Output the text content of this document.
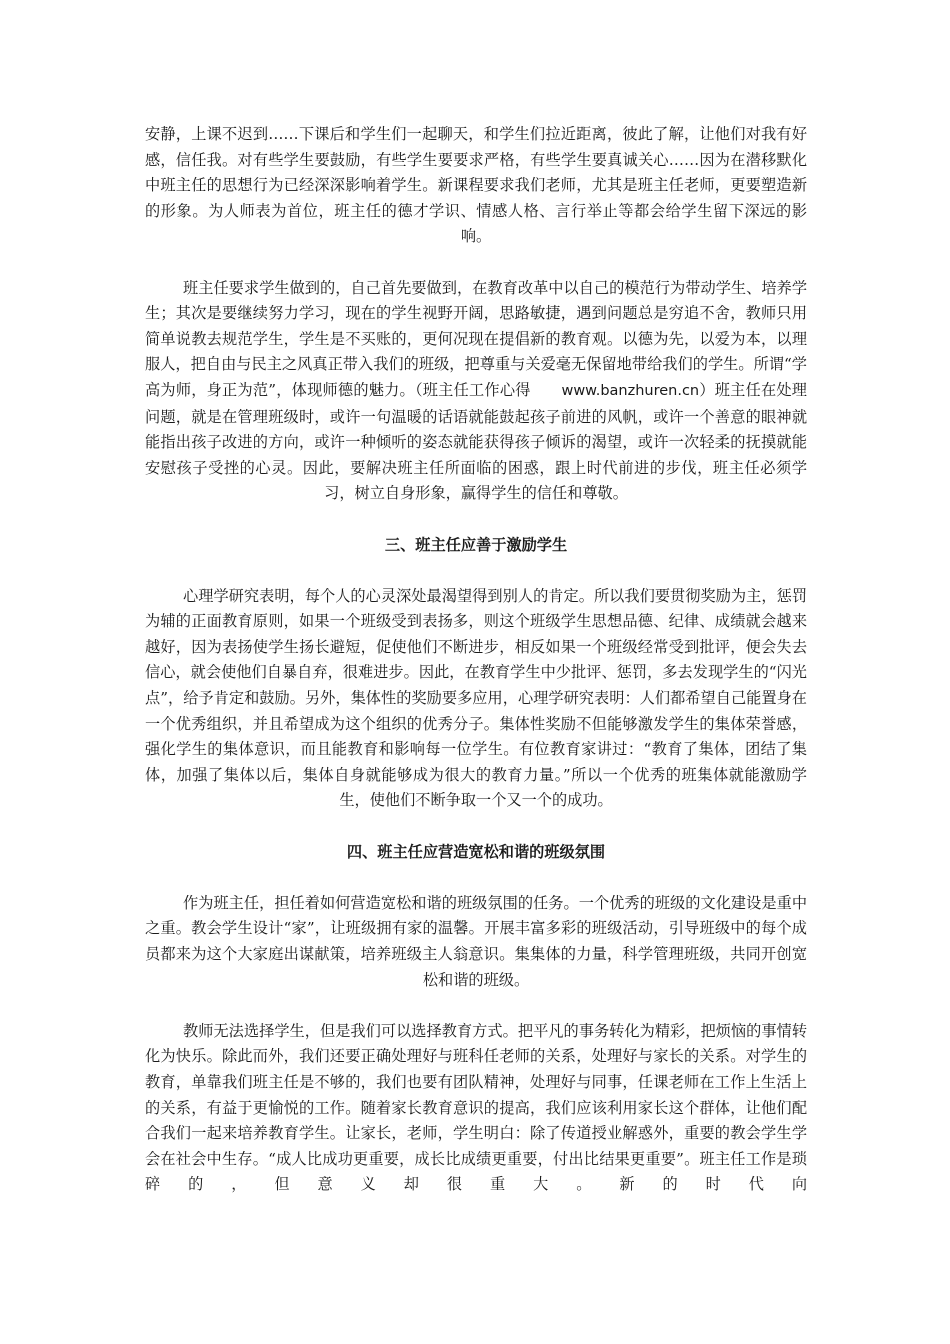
安静，上课不迟到……下课后和学生们一起聊天，和学生们拉近距离，彼此了解，让他们对我有好感，信任我。对有些学生要鼓励，有些学生要要求严格，有些学生要真诚关心……因为在潜移默化中班主任的思想行为已经深深影响着学生。新课程要求我们老师，尤其是班主任老师，更要塑造新的形象。为人师表为首位，班主任的德才学识、情感人格、言行举止等都会给学生留下深远的影响。

班主任要求学生做到的，自己首先要做到，在教育改革中以自己的模范行为带动学生、培养学生；其次是要继续努力学习，现在的学生视野开阔，思路敏捷，遇到问题总是穷追不舍，教师只用简单说教去规范学生，学生是不买账的，更何况现在提倡新的教育观。以德为先，以爱为本，以理服人，把自由与民主之风真正带入我们的班级，把尊重与关爱毫无保留地带给我们的学生。所谓“学高为师，身正为范”，体现师德的魅力。（班主任工作心得　　www.banzhuren.cn）班主任在处理问题，就是在管理班级时，或许一句温暖的话语就能鼓起孩子前进的风帆，或许一个善意的眼神就能指出孩子改进的方向，或许一种倾听的姿态就能获得孩子倾诉的渴望，或许一次轻柔的抚摸就能安慰孩子受挫的心灵。因此，要解决班主任所面临的困惑，跟上时代前进的步伐，班主任必须学习，树立自身形象，赢得学生的信任和尊敬。

三、班主任应善于激励学生

心理学研究表明，每个人的心灵深处最渴望得到别人的肯定。所以我们要贯彻奖励为主，惩罚为辅的正面教育原则，如果一个班级受到表扬多，则这个班级学生思想品德、纪律、成绩就会越来越好，因为表扬使学生扬长避短，促使他们不断进步，相反如果一个班级经常受到批评，便会失去信心，就会使他们自暴自弃，很难进步。因此，在教育学生中少批评、惩罚，多去发现学生的“闪光点”，给予肯定和鼓励。另外，集体性的奖励要多应用，心理学研究表明：人们都希望自己能置身在一个优秀组织，并且希望成为这个组织的优秀分子。集体性奖励不但能够激发学生的集体荣誉感，强化学生的集体意识，而且能教育和影响每一位学生。有位教育家讲过：“教育了集体，团结了集体，加强了集体以后，集体自身就能够成为很大的教育力量。”所以一个优秀的班集体就能激励学生，使他们不断争取一个又一个的成功。

四、班主任应营造宽松和谐的班级氛围

作为班主任，担任着如何营造宽松和谐的班级氛围的任务。一个优秀的班级的文化建设是重中之重。教会学生设计“家”，让班级拥有家的温馨。开展丰富多彩的班级活动，引导班级中的每个成员都来为这个大家庭出谋献策，培养班级主人翁意识。集集体的力量，科学管理班级，共同开创宽松和谐的班级。

教师无法选择学生，但是我们可以选择教育方式。把平凡的事务转化为精彩，把烦恼的事情转化为快乐。除此而外，我们还要正确处理好与班科任老师的关系，处理好与家长的关系。对学生的教育，单靠我们班主任是不够的，我们也要有团队精神，处理好与同事，任课老师在工作上生活上的关系，有益于更愉悦的工作。随着家长教育意识的提高，我们应该利用家长这个群体，让他们配合我们一起来培养教育学生。让家长，老师，学生明白：除了传道授业解惑外，重要的教会学生学会在社会中生存。“成人比成功更重要，成长比成绩更重要，付出比结果更重要”。班主任工作是琐碎的，但意义却很重大。新的时代向
